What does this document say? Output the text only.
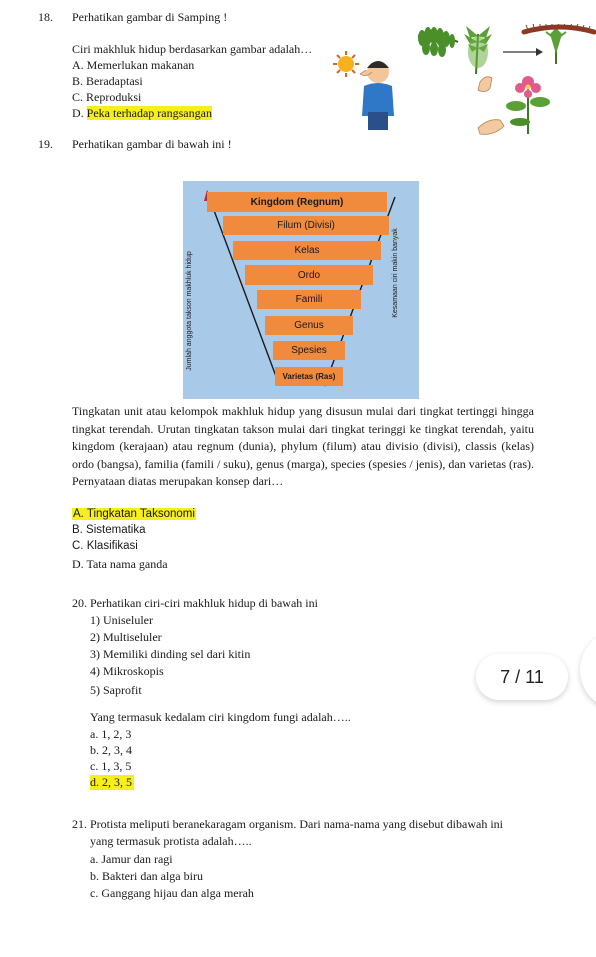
18. Perhatikan gambar di Samping !
Ciri makhluk hidup berdasarkan gambar adalah…
A. Memerlukan makanan
B. Beradaptasi
C. Reproduksi
D. Peka terhadap rangsangan
19. Perhatikan gambar di bawah ini !
Jumlah anggota takson makhluk hidup	Kesamaan ciri makin banyak
Kingdom (Regnum)
Filum (Divisi)
Kelas
Ordo
Famili
Genus
Spesies
Varietas (Ras)
Tingkatan unit atau kelompok makhluk hidup yang disusun mulai dari tingkat tertinggi hingga tingkat terendah. Urutan tingkatan takson mulai dari tingkat teringgi ke tingkat terendah, yaitu kingdom (kerajaan) atau regnum (dunia), phylum (filum) atau divisio (divisi), classis (kelas) ordo (bangsa), familia (famili / suku), genus (marga), species (spesies / jenis), dan varietas (ras). Pernyataan diatas merupakan konsep dari…
A. Tingkatan Taksonomi
B. Sistematika
C. Klasifikasi
D. Tata nama ganda
20. Perhatikan ciri-ciri makhluk hidup di bawah ini
1) Uniseluler
2) Multiseluler
3) Memiliki dinding sel dari kitin
4) Mikroskopis
5) Saprofit
Yang termasuk kedalam ciri kingdom fungi adalah…..
a. 1, 2, 3
b. 2, 3, 4
c. 1, 3, 5
d. 2, 3, 5
7 / 11
21. Protista meliputi beranekaragam organism. Dari nama-nama yang disebut dibawah ini
yang termasuk protista adalah…..
a. Jamur dan ragi
b. Bakteri dan alga biru
c. Ganggang hijau dan alga merah
